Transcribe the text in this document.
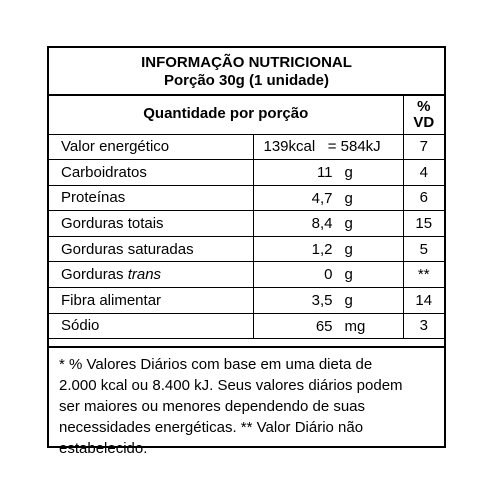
INFORMAÇÃO NUTRICIONAL
Porção 30g (1 unidade)
Quantidade por porção		%
VD

Valor energético	139kcal   = 584kJ	7
Carboidratos	11 g	4
Proteínas	4,7 g	6
Gorduras totais	8,4 g	15
Gorduras saturadas	1,2 g	5
Gorduras trans	0 g	**
Fibra alimentar	3,5 g	14
Sódio	65 mg	3
* % Valores Diários com base em uma dieta de
2.000 kcal ou 8.400 kJ. Seus valores diários podem
ser maiores ou menores dependendo de suas
necessidades energéticas. ** Valor Diário não
estabelecido.
